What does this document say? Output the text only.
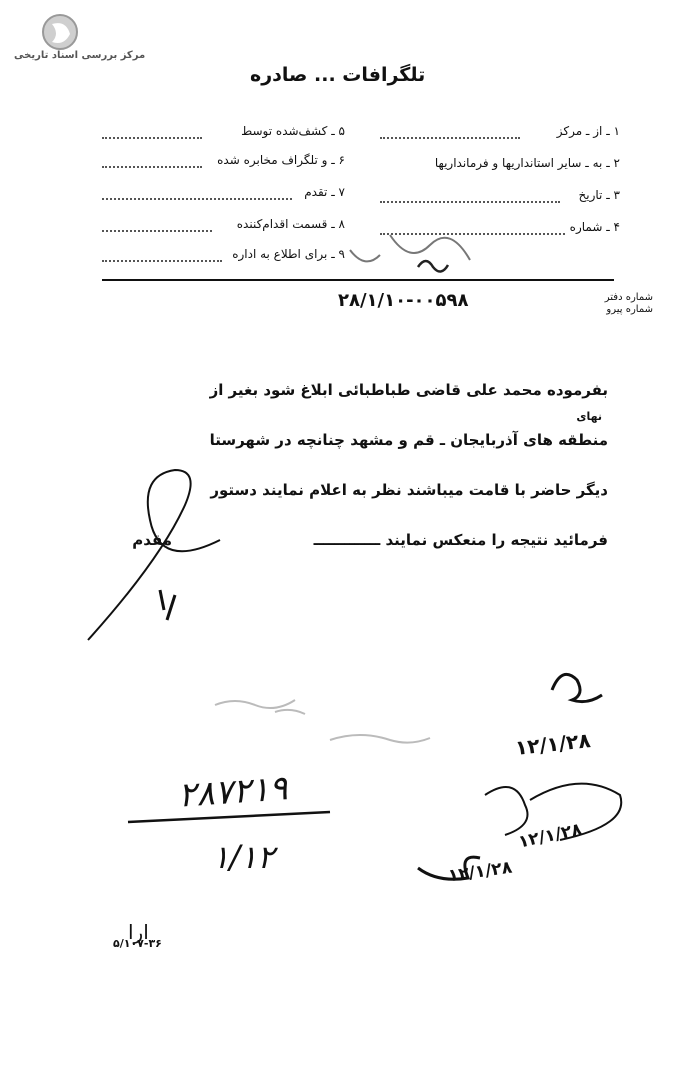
مرکز بررسی اسناد تاریخی
تلگرافات ... صادره
۱ ـ از ـ مرکز
۲ ـ به ـ سایر استانداریها و فرمانداریها
۳ ـ تاریخ
۴ ـ شماره
۵ ـ کشف‌شده توسط
۶ ـ و تلگراف مخابره شده
۷ ـ تقدم
۸ ـ قسمت اقدام‌کننده
۹ ـ برای اطلاع به اداره
شماره دفتر
شماره پیرو
۲۸/۱/۱۰-۰۰۵۹۸
بفرموده محمد علی قاضی طباطبائی ابلاغ شود بغیر از
نهای
منطقه های آذربایجان ـ قم و مشهد چنانچه در شهرستا
دیگر حاضر با قامت میباشند نظر به اعلام نمایند دستور
فرمائید نتیجه را منعکس نمایند ـــــــــــــ
مقدم
۱۲/۱/۲۸
۲۸۷۲۱۹
۱/۱۲
۱۲/۱/۲۸
۱۲/۱/۲۸
ارا
۵/۱۰۷-۳۶
